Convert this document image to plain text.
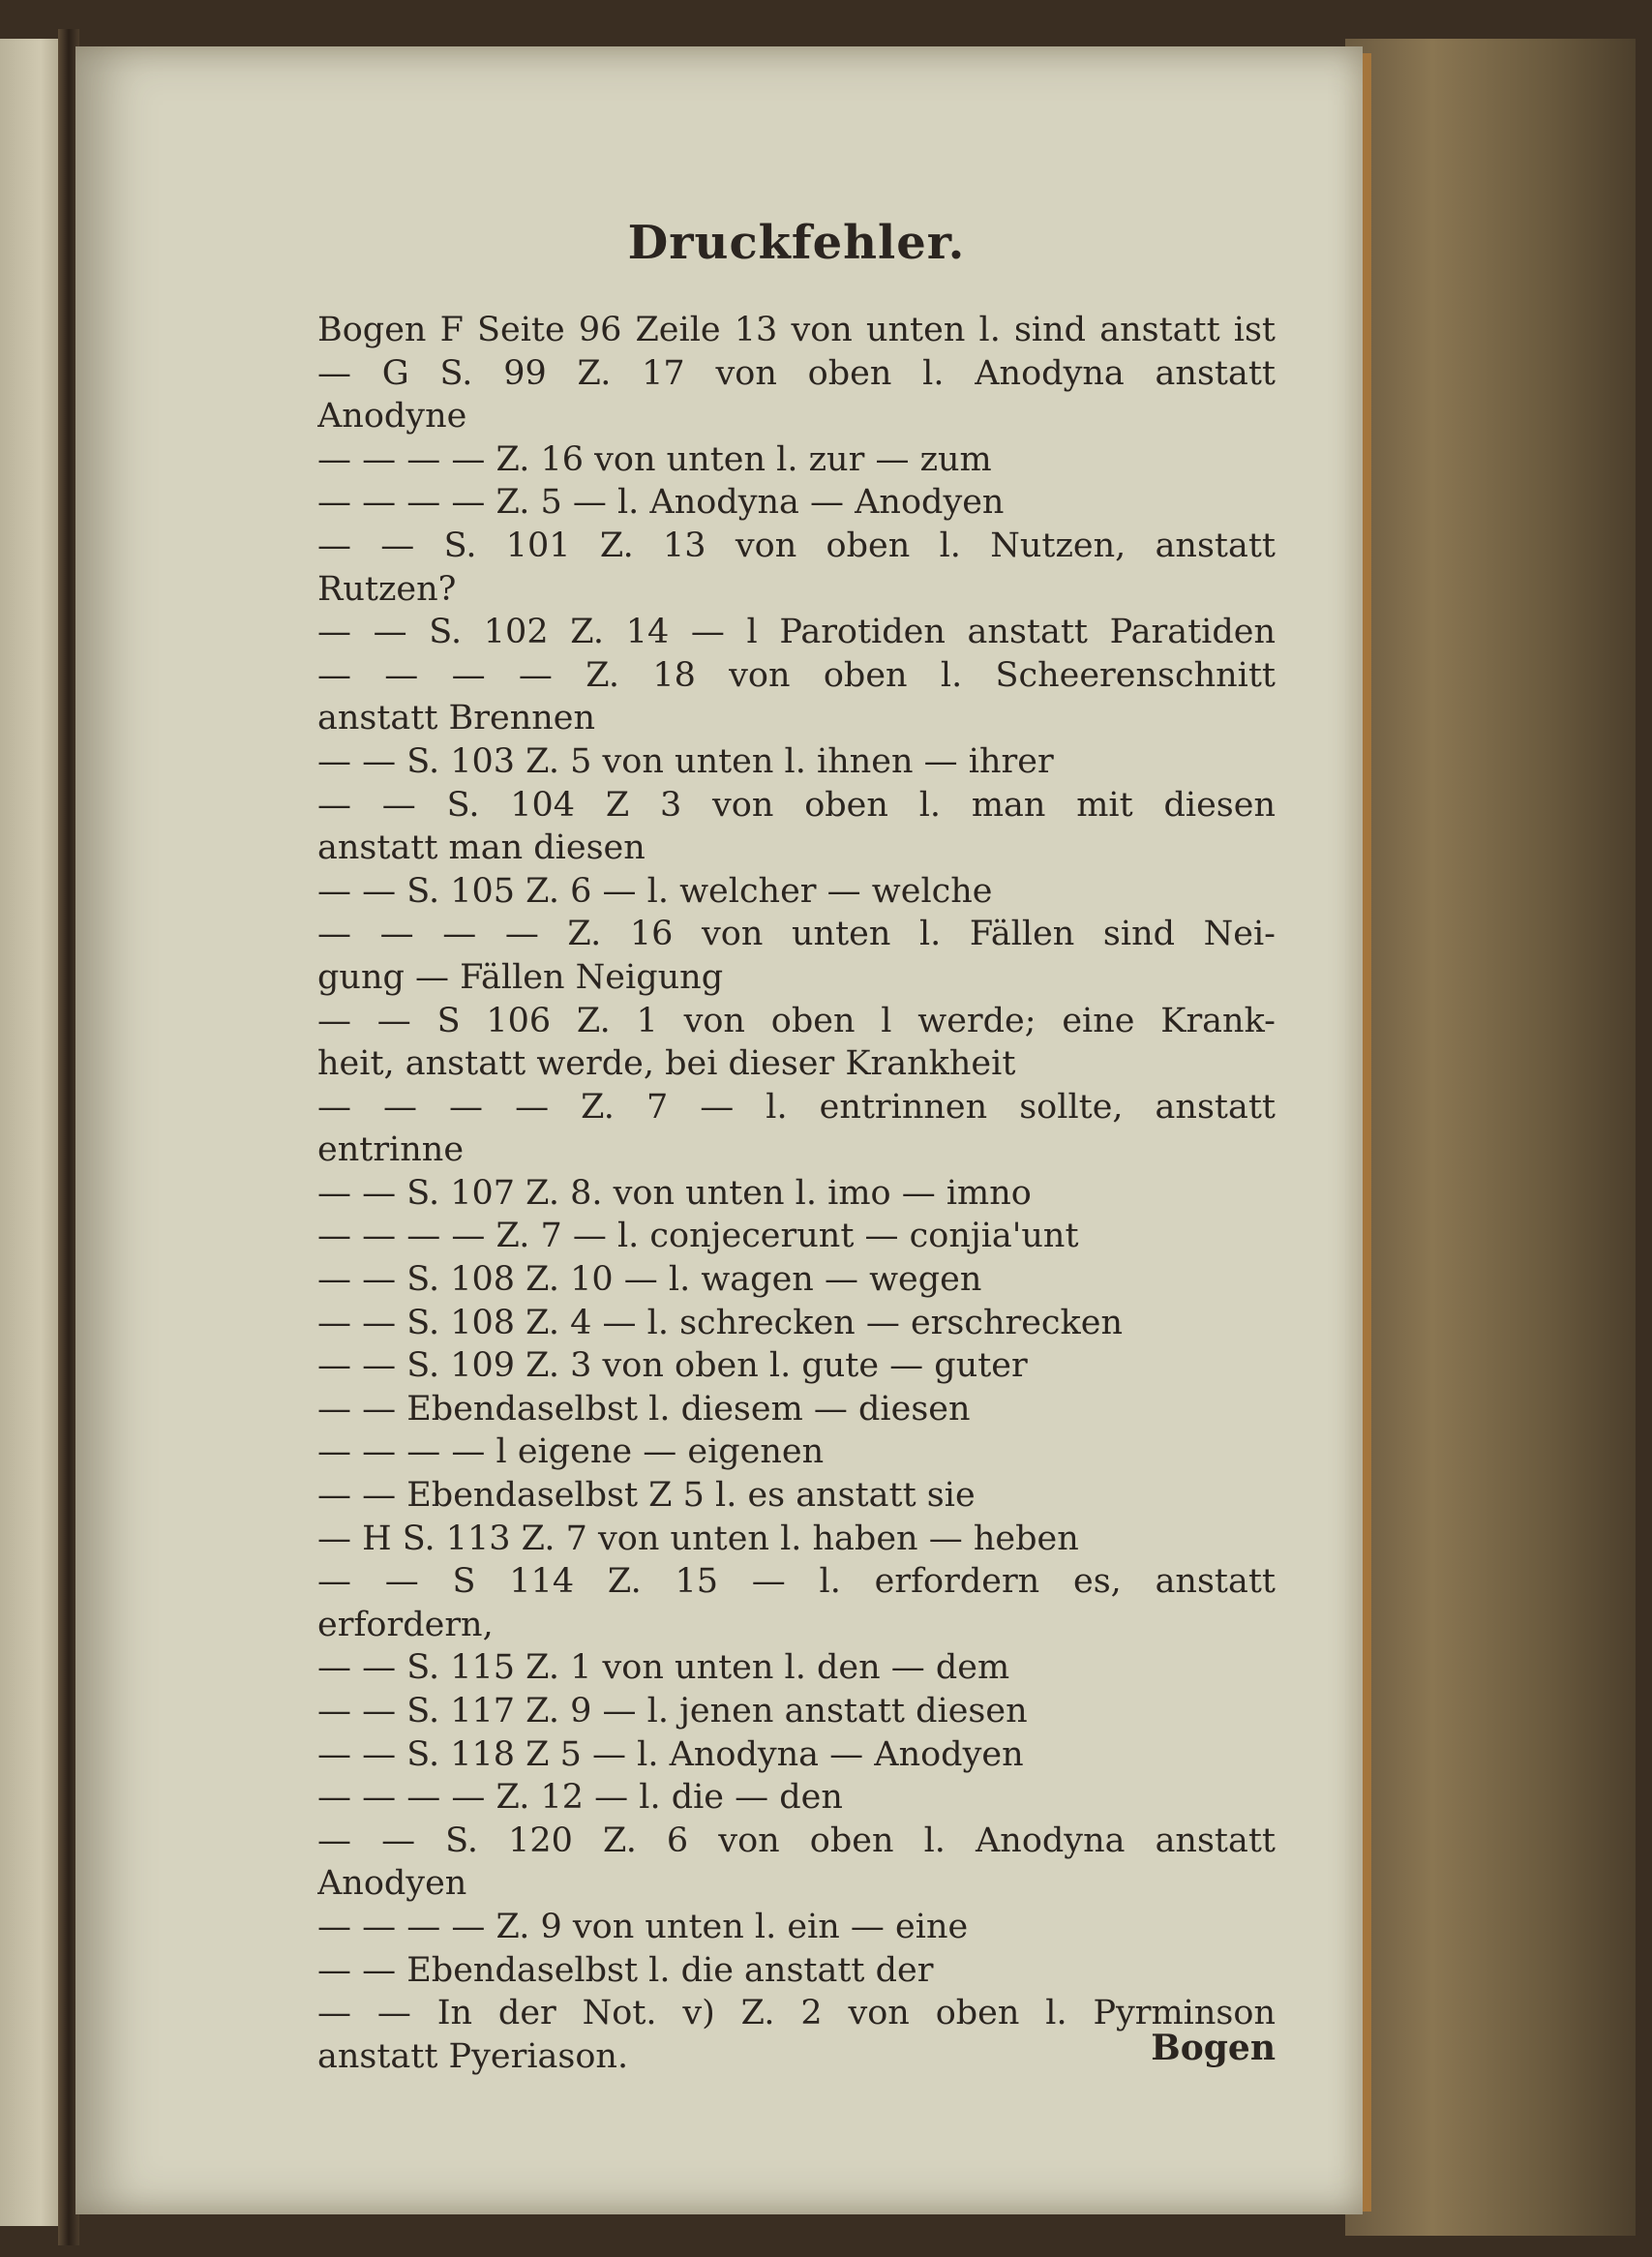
Druckfehler.
Bogen F Seite 96 Zeile 13 von unten l. sind anstatt ist
— G S. 99 Z. 17 von oben l. Anodyna anstatt
Anodyne
— — — — Z. 16 von unten l. zur — zum
— — — — Z. 5 — l. Anodyna — Anodyen
— — S. 101 Z. 13 von oben l. Nutzen, anstatt
Rutzen?
— — S. 102 Z. 14 — l Parotiden anstatt Paratiden
— — — — Z. 18 von oben l. Scheerenschnitt
anstatt Brennen
— — S. 103 Z. 5 von unten l. ihnen — ihrer
— — S. 104 Z 3 von oben l. man mit diesen
anstatt man diesen
— — S. 105 Z. 6 — l. welcher — welche
— — — — Z. 16 von unten l. Fällen sind Nei-
gung — Fällen Neigung
— — S 106 Z. 1 von oben l werde; eine Krank-
heit, anstatt werde, bei dieser Krankheit
— — — — Z. 7 — l. entrinnen sollte, anstatt
entrinne
— — S. 107 Z. 8. von unten l. imo — imno
— — — — Z. 7 — l. conjecerunt — conjia'unt
— — S. 108 Z. 10 — l. wagen — wegen
— — S. 108 Z. 4 — l. schrecken — erschrecken
— — S. 109 Z. 3 von oben l. gute — guter
— — Ebendaselbst l. diesem — diesen
— — — — l eigene — eigenen
— — Ebendaselbst Z 5 l. es anstatt sie
— H S. 113 Z. 7 von unten l. haben — heben
— — S 114 Z. 15 — l. erfordern es, anstatt
erfordern,
— — S. 115 Z. 1 von unten l. den — dem
— — S. 117 Z. 9 — l. jenen anstatt diesen
— — S. 118 Z 5 — l. Anodyna — Anodyen
— — — — Z. 12 — l. die — den
— — S. 120 Z. 6 von oben l. Anodyna anstatt
Anodyen
— — — — Z. 9 von unten l. ein — eine
— — Ebendaselbst l. die anstatt der
— — In der Not. v) Z. 2 von oben l. Pyrminson
anstatt Pyeriason.	Bogen
